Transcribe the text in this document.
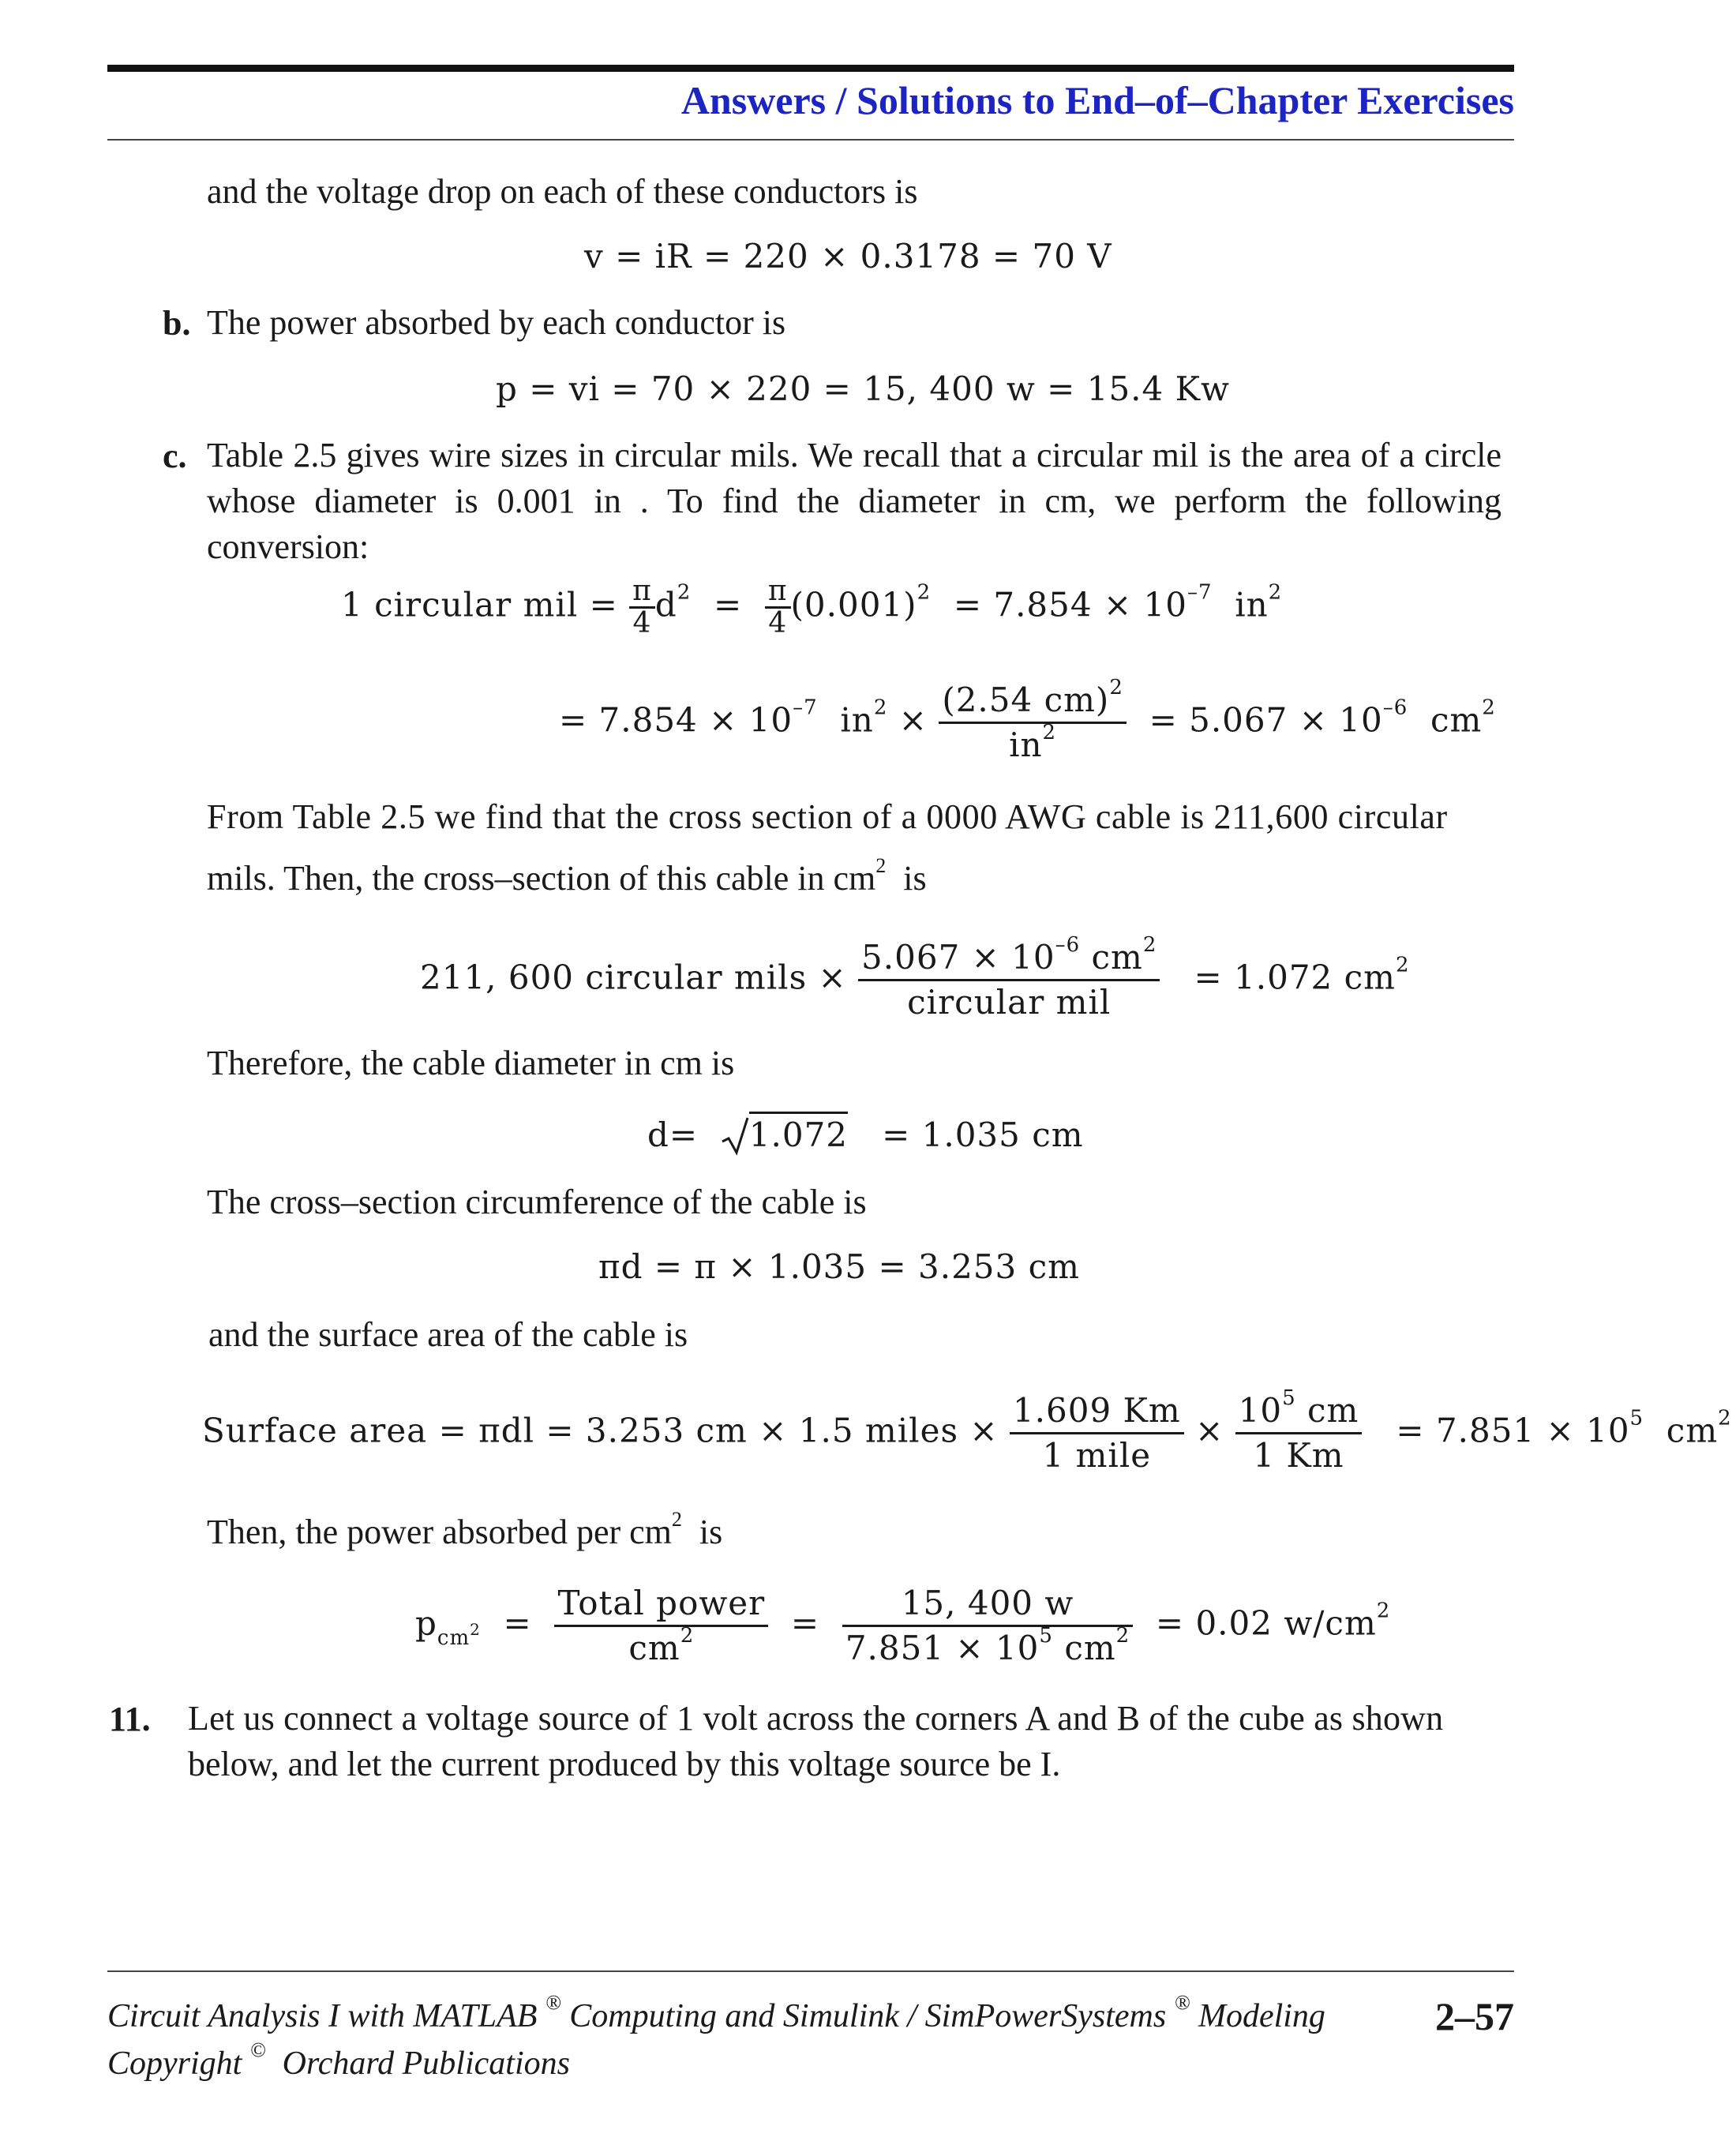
Answers / Solutions to End–of–Chapter Exercises
and the voltage drop on each of these conductors is
v = iR = 220 × 0.3178 = 70 V
b. The power absorbed by each conductor is
p = vi = 70 × 220 = 15, 400 w = 15.4 Kw
c. Table 2.5 gives wire sizes in circular mils. We recall that a circular mil is the area of a circle whose diameter is 0.001 in . To find the diameter in cm, we perform the following conversion:
1 circular mil = $\frac{\pi}{4} d^2 = \frac{\pi}{4} (0.001)^2 = 7.854 \times 10^{-7}$ $in^2$
= $7.854 \times 10^{-7}$ $in^2 \times \frac{(2.54 cm)^2}{in^2} = 5.067 \times 10^{-6}$ $cm^2$
From Table 2.5 we find that the cross section of a 0000 AWG cable is 211,600 circular
mils. Then, the cross–section of this cable in $cm^2$ is
211, 600 circular mils × $\frac{5.067 \times 10^{-6} cm^2}{\text{circular mil}} = 1.072$ $cm^2$
Therefore, the cable diameter in cm is
d= 1.072 = 1.035 cm
The cross–section circumference of the cable is
πd = π × 1.035 = 3.253 cm
and the surface area of the cable is
Surface area = πdl = 3.253 cm × 1.5 miles × $\frac{1.609 Km}{\text{1 mile}} \times \frac{10^5 cm}{1 Km} = 7.851 \times 10^5$ $cm^2$
Then, the power absorbed per $cm^2$ is
$p_{cm^2} = \frac{\text{Total power}}{cm^2} = \frac{15, 400 w}{7.851 \times 10^5 cm^2} = 0.02$ $w/cm^2$
11. Let us connect a voltage source of 1 volt across the corners A and B of the cube as shown
below, and let the current produced by this voltage source be I.
Circuit Analysis I with MATLAB ® Computing and Simulink / SimPowerSystems ® Modeling
Copyright © Orchard Publications
2–57
